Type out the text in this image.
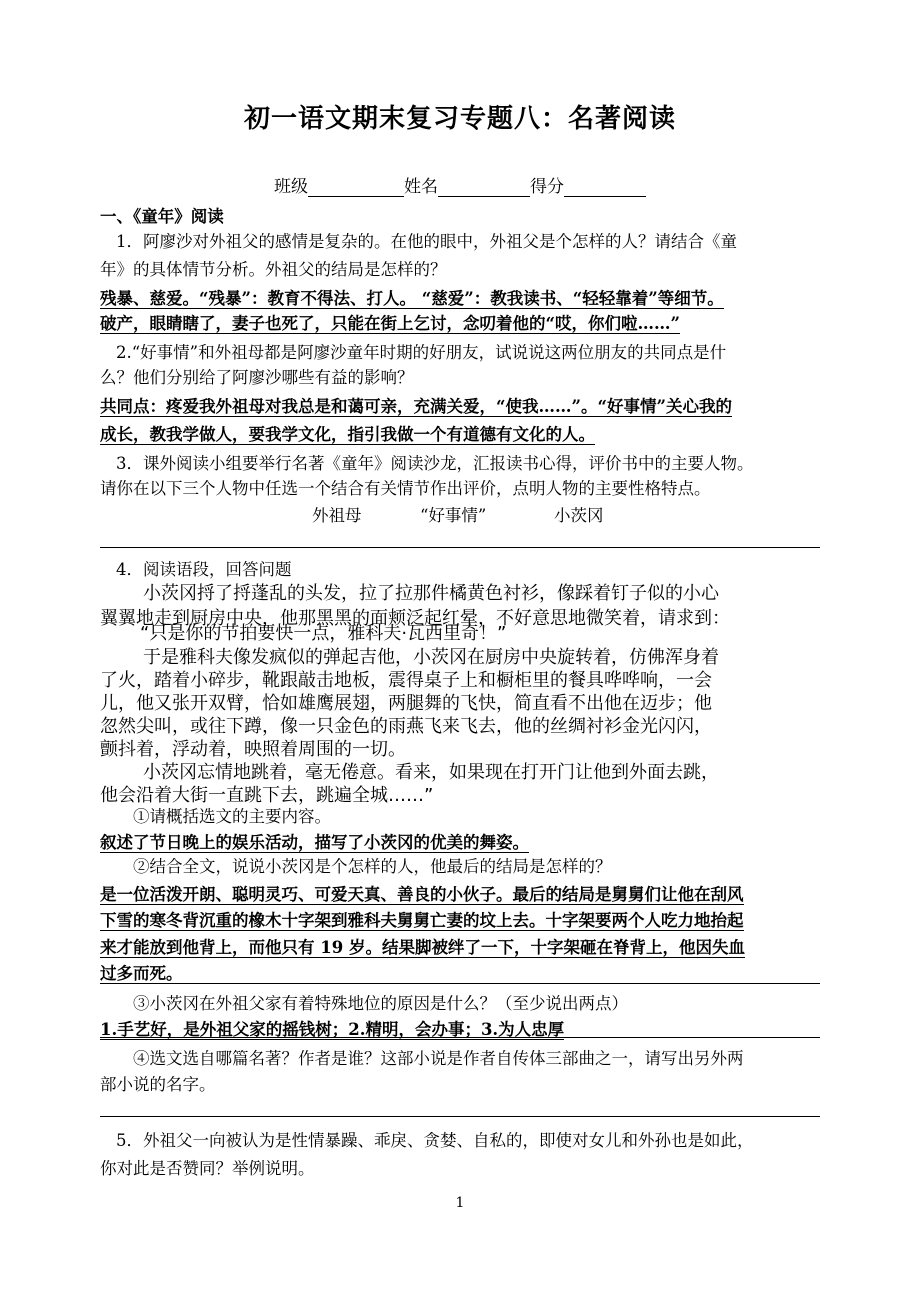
初一语文期末复习专题八：名著阅读
班级	姓名	得分
一、《童年》阅读
1．阿廖沙对外祖父的感情是复杂的。在他的眼中，外祖父是个怎样的人？请结合《童
年》的具体情节分析。外祖父的结局是怎样的？
残暴、慈爱。“残暴”：教育不得法、打人。 “慈爱”：教我读书、“轻轻靠着”等细节。
破产，眼睛瞎了，妻子也死了，只能在街上乞讨，念叨着他的“哎，你们啦……”
2.“好事情”和外祖母都是阿廖沙童年时期的好朋友，试说说这两位朋友的共同点是什
么？他们分别给了阿廖沙哪些有益的影响？
共同点：疼爱我外祖母对我总是和蔼可亲，充满关爱，“使我……”。“好事情”关心我的
成长，教我学做人，要我学文化，指引我做一个有道德有文化的人。
3．课外阅读小组要举行名著《童年》阅读沙龙，汇报读书心得，评价书中的主要人物。
请你在以下三个人物中任选一个结合有关情节作出评价，点明人物的主要性格特点。
外祖母	“好事情”	小茨冈
4．阅读语段，回答问题
小茨冈捋了捋蓬乱的头发，拉了拉那件橘黄色衬衫，像踩着钉子似的小心
翼翼地走到厨房中央，他那黑黑的面颊泛起红晕，不好意思地微笑着，请求到：
“只是你的节拍要快一点，雅科夫·瓦西里奇！”
于是雅科夫像发疯似的弹起吉他，小茨冈在厨房中央旋转着，仿佛浑身着
了火，踏着小碎步，靴跟敲击地板，震得桌子上和橱柜里的餐具哗哗响，一会
儿，他又张开双臂，恰如雄鹰展翅，两腿舞的飞快，简直看不出他在迈步；他
忽然尖叫，或往下蹲，像一只金色的雨燕飞来飞去，他的丝绸衬衫金光闪闪，
颤抖着，浮动着，映照着周围的一切。
小茨冈忘情地跳着，毫无倦意。看来，如果现在打开门让他到外面去跳，
他会沿着大街一直跳下去，跳遍全城……”
①请概括选文的主要内容。
叙述了节日晚上的娱乐活动，描写了小茨冈的优美的舞姿。
②结合全文，说说小茨冈是个怎样的人，他最后的结局是怎样的？
是一位活泼开朗、聪明灵巧、可爱天真、善良的小伙子。最后的结局是舅舅们让他在刮风
下雪的寒冬背沉重的橡木十字架到雅科夫舅舅亡妻的坟上去。十字架要两个人吃力地抬起
来才能放到他背上，而他只有 19 岁。结果脚被绊了一下，十字架砸在脊背上，他因失血
过多而死。
③小茨冈在外祖父家有着特殊地位的原因是什么？（至少说出两点）
1.手艺好，是外祖父家的摇钱树；2.精明，会办事；3.为人忠厚
④选文选自哪篇名著？作者是谁？这部小说是作者自传体三部曲之一，请写出另外两
部小说的名字。
5．外祖父一向被认为是性情暴躁、乖戾、贪婪、自私的，即使对女儿和外孙也是如此，
你对此是否赞同？举例说明。
1
